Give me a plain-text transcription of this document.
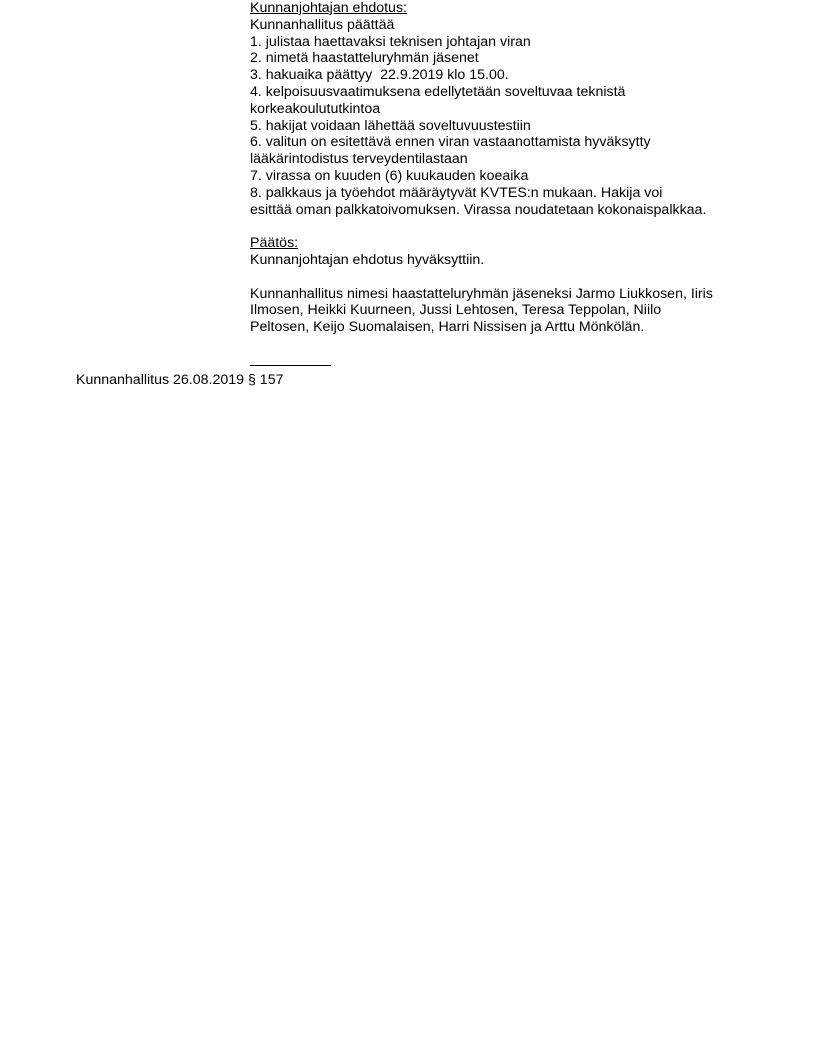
Kunnanjohtajan ehdotus:
Kunnanhallitus päättää
1. julistaa haettavaksi teknisen johtajan viran
2. nimetä haastatteluryhmän jäsenet
3. hakuaika päättyy  22.9.2019 klo 15.00.
4. kelpoisuusvaatimuksena edellytetään soveltuvaa teknistä
korkeakoulututkintoa
5. hakijat voidaan lähettää soveltuvuustestiin
6. valitun on esitettävä ennen viran vastaanottamista hyväksytty
lääkärintodistus terveydentilastaan
7. virassa on kuuden (6) kuukauden koeaika
8. palkkaus ja työehdot määräytyvät KVTES:n mukaan. Hakija voi
esittää oman palkkatoivomuksen. Virassa noudatetaan kokonaispalkkaa.
Päätös:
Kunnanjohtajan ehdotus hyväksyttiin.
Kunnanhallitus nimesi haastatteluryhmän jäseneksi Jarmo Liukkosen, Iiris
Ilmosen, Heikki Kuurneen, Jussi Lehtosen, Teresa Teppolan, Niilo
Peltosen, Keijo Suomalaisen, Harri Nissisen ja Arttu Mönkölän.
Kunnanhallitus 26.08.2019 § 157
